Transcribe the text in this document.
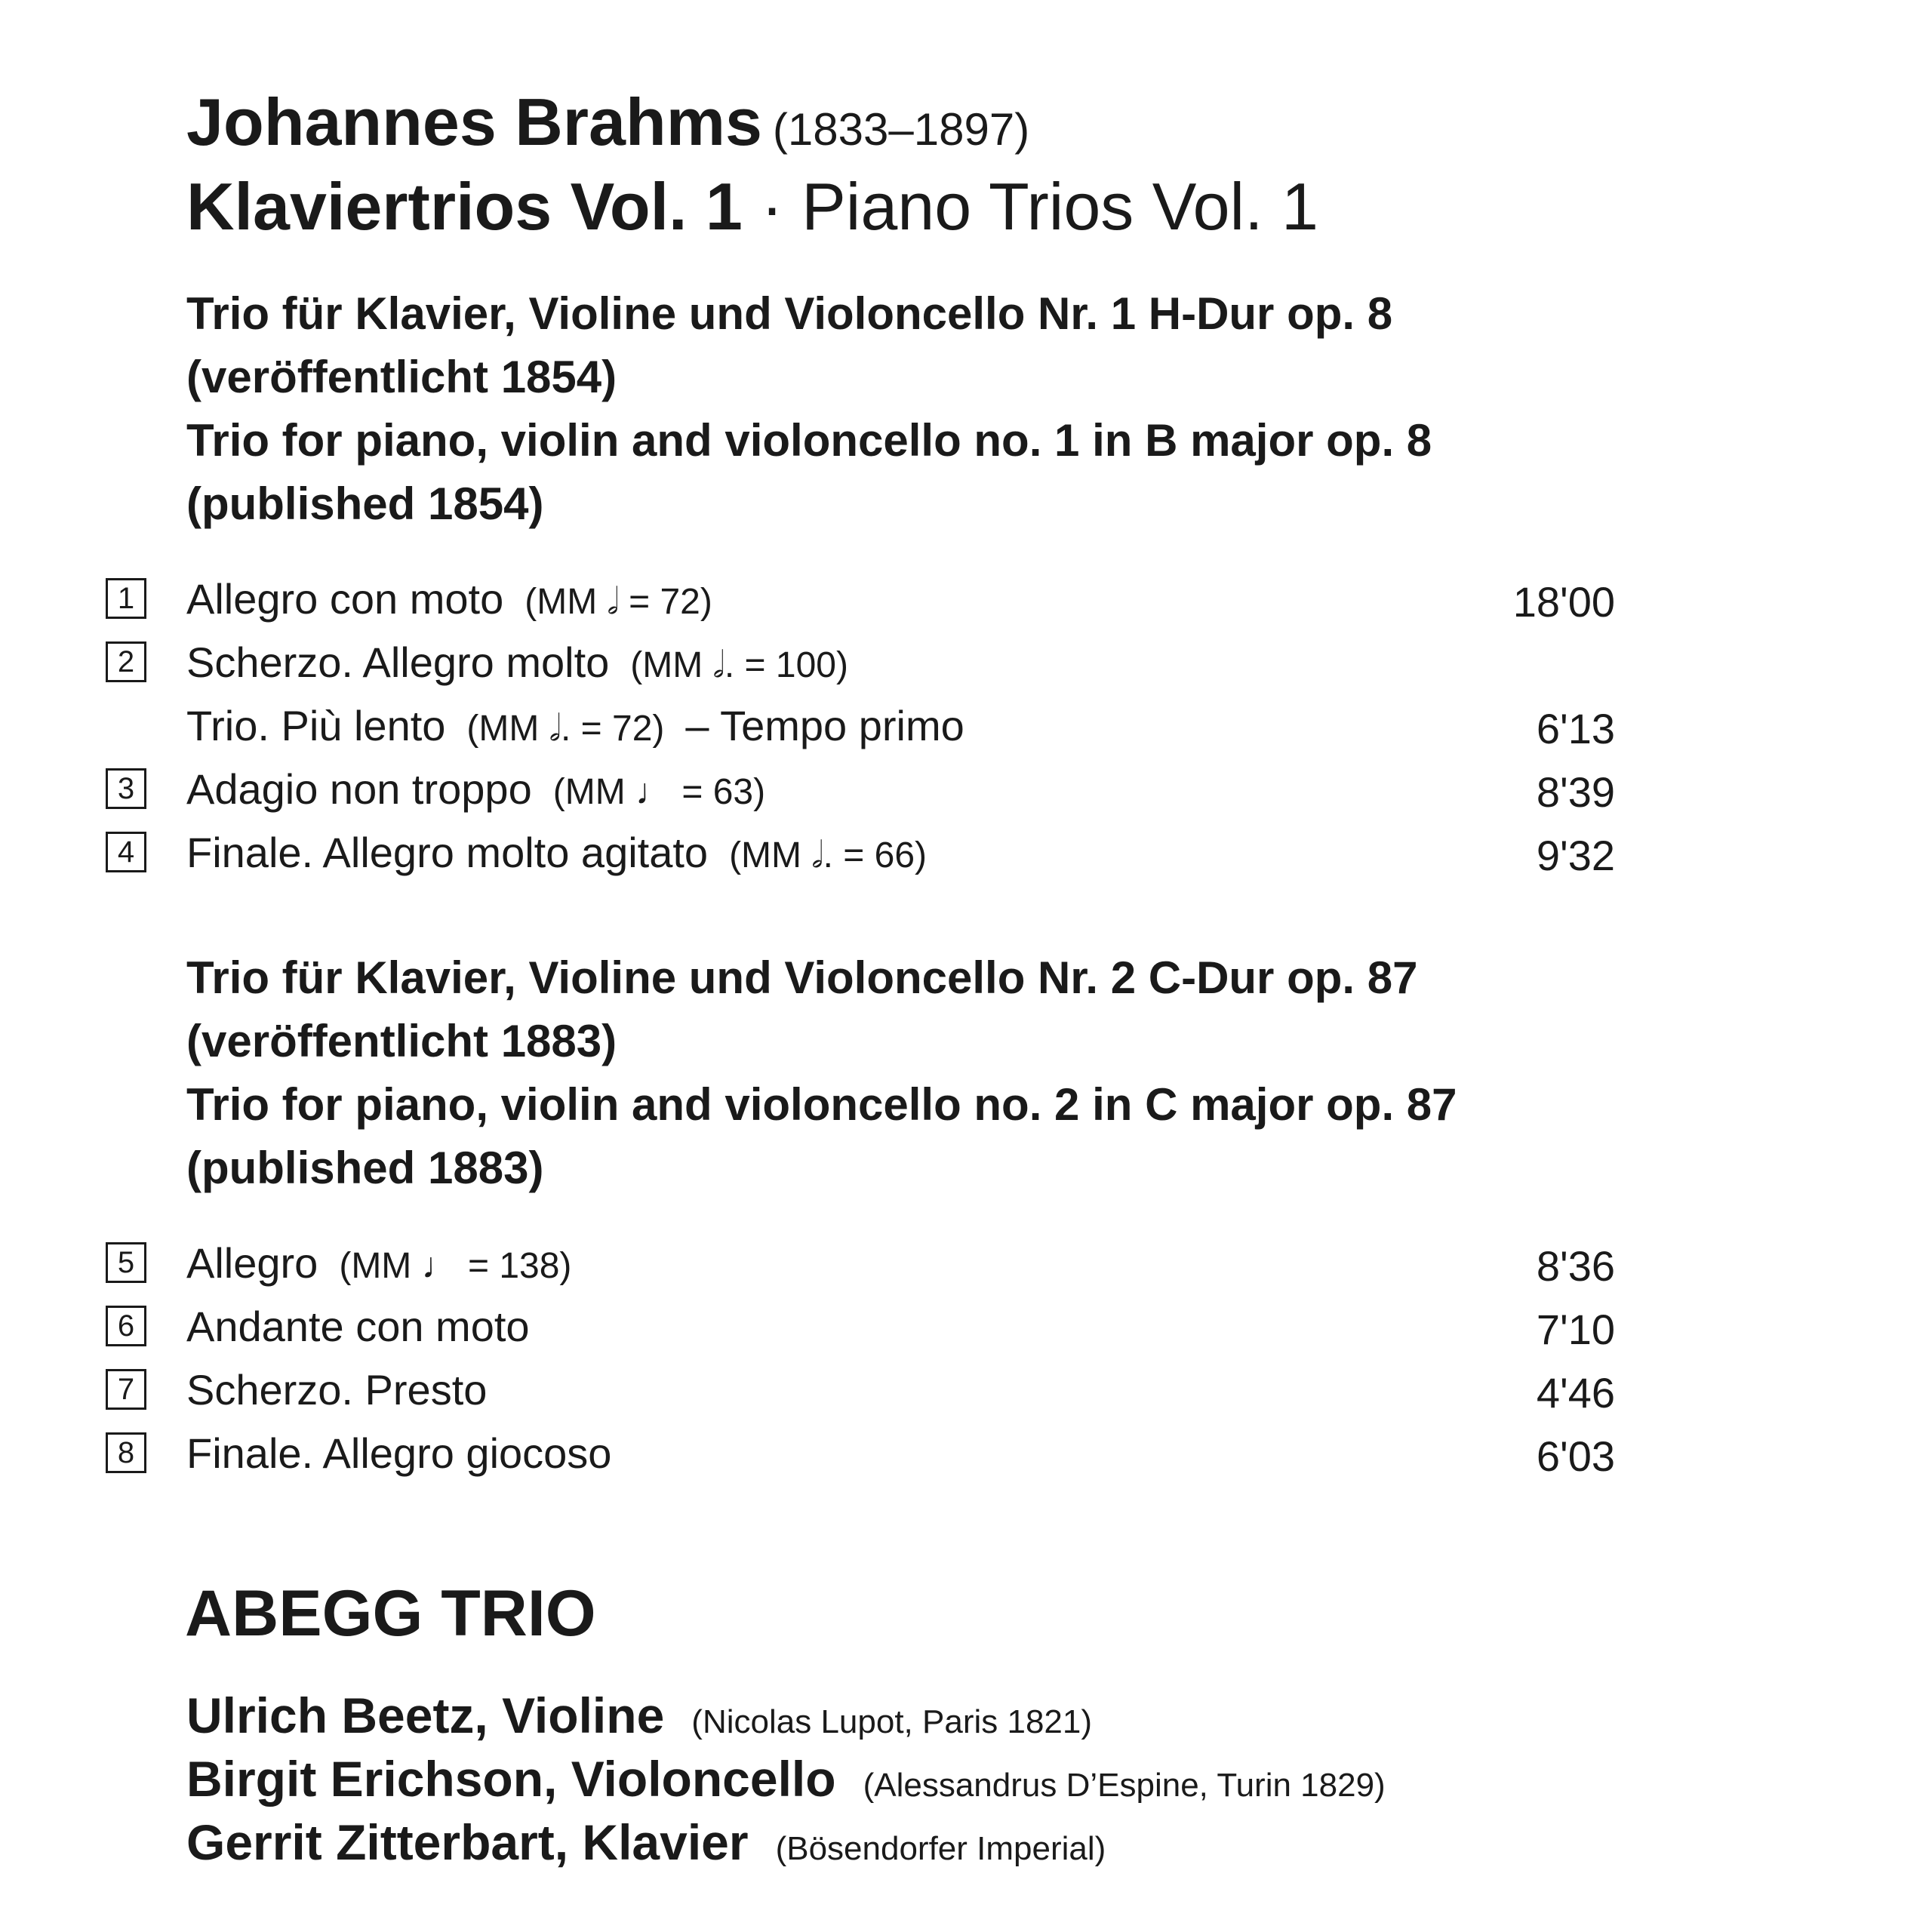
Johannes Brahms (1833–1897)
Klaviertrios Vol. 1 · Piano Trios Vol. 1
Trio für Klavier, Violine und Violoncello Nr. 1 H-Dur op. 8
(veröffentlicht 1854)
Trio for piano, violin and violoncello no. 1 in B major op. 8
(published 1854)
1 Allegro con moto (MM 𝅗𝅥 = 72)	18'00
2 Scherzo. Allegro molto (MM 𝅗𝅥. = 100)
Trio. Più lento (MM 𝅗𝅥. = 72) – Tempo primo	6'13
3 Adagio non troppo (MM ♩ = 63)	8'39
4 Finale. Allegro molto agitato (MM 𝅗𝅥. = 66)	9'32
Trio für Klavier, Violine und Violoncello Nr. 2 C-Dur op. 87
(veröffentlicht 1883)
Trio for piano, violin and violoncello no. 2 in C major op. 87
(published 1883)
5 Allegro (MM ♩ = 138)	8'36
6 Andante con moto	7'10
7 Scherzo. Presto	4'46
8 Finale. Allegro giocoso	6'03
ABEGG TRIO
Ulrich Beetz, Violine (Nicolas Lupot, Paris 1821)
Birgit Erichson, Violoncello (Alessandrus D’Espine, Turin 1829)
Gerrit Zitterbart, Klavier (Bösendorfer Imperial)
